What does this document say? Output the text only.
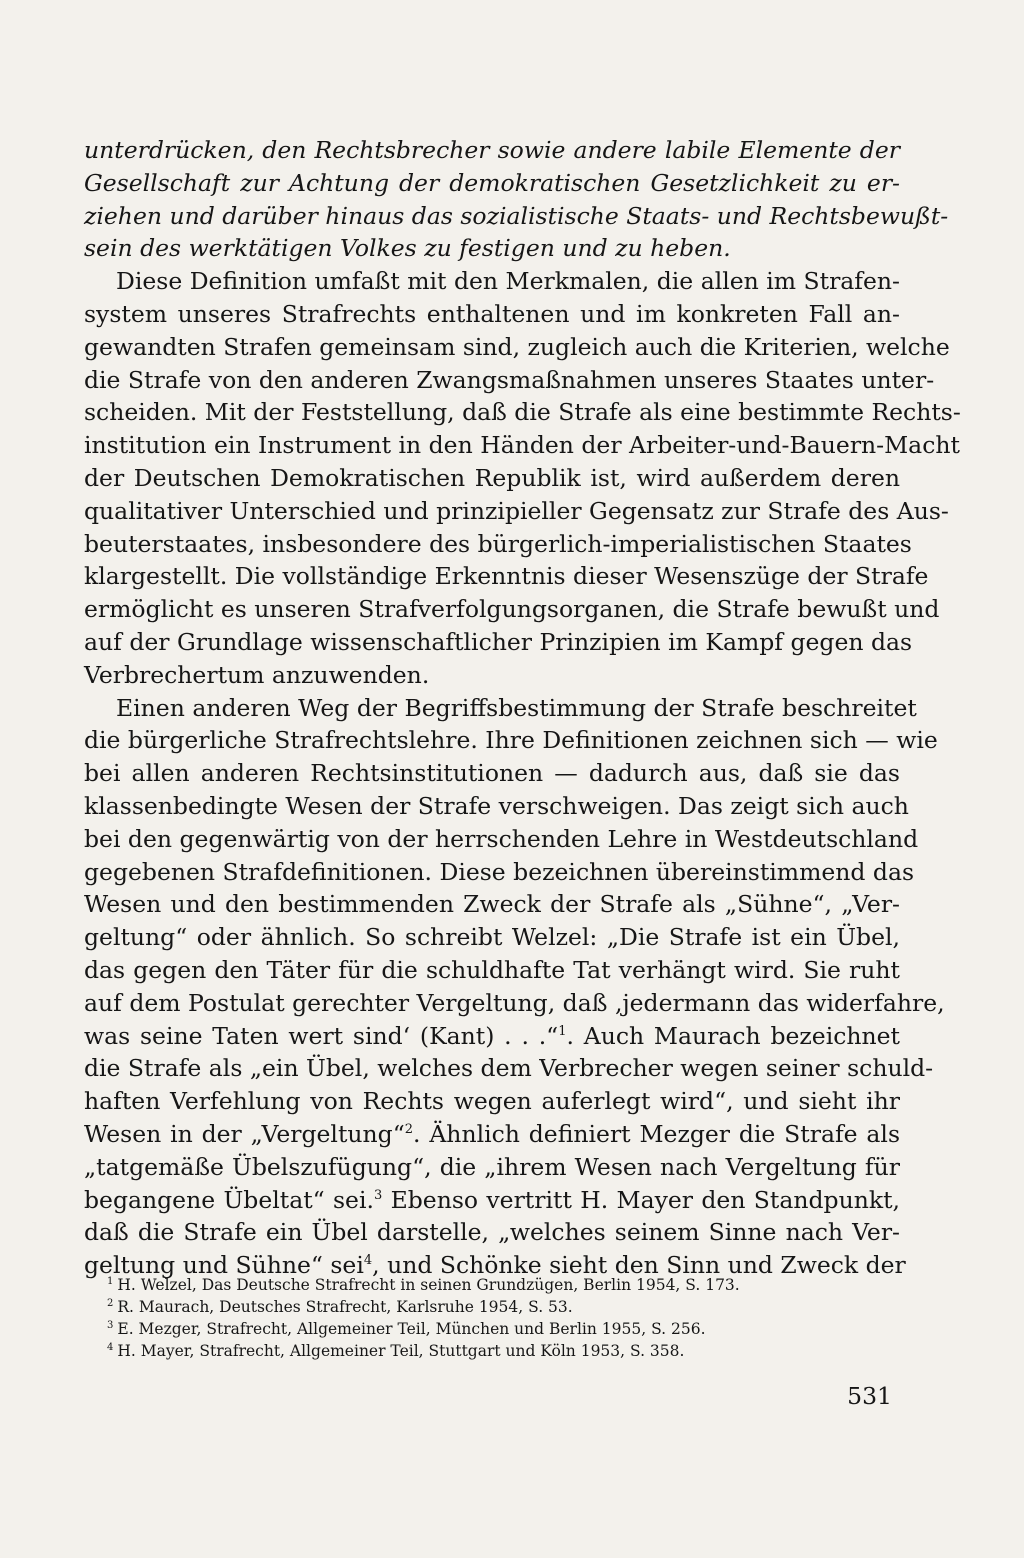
unterdrücken, den Rechtsbrecher sowie andere labile Elemente der
Gesellschaft zur Achtung der demokratischen Gesetzlichkeit zu er-
ziehen und darüber hinaus das sozialistische Staats- und Rechtsbewußt-
sein des werktätigen Volkes zu festigen und zu heben.
Diese Definition umfaßt mit den Merkmalen, die allen im Strafen-
system unseres Strafrechts enthaltenen und im konkreten Fall an-
gewandten Strafen gemeinsam sind, zugleich auch die Kriterien, welche
die Strafe von den anderen Zwangsmaßnahmen unseres Staates unter-
scheiden. Mit der Feststellung, daß die Strafe als eine bestimmte Rechts-
institution ein Instrument in den Händen der Arbeiter-und-Bauern-Macht
der Deutschen Demokratischen Republik ist, wird außerdem deren
qualitativer Unterschied und prinzipieller Gegensatz zur Strafe des Aus-
beuterstaates, insbesondere des bürgerlich-imperialistischen Staates
klargestellt. Die vollständige Erkenntnis dieser Wesenszüge der Strafe
ermöglicht es unseren Strafverfolgungsorganen, die Strafe bewußt und
auf der Grundlage wissenschaftlicher Prinzipien im Kampf gegen das
Verbrechertum anzuwenden.
Einen anderen Weg der Begriffsbestimmung der Strafe beschreitet
die bürgerliche Strafrechtslehre. Ihre Definitionen zeichnen sich — wie
bei allen anderen Rechtsinstitutionen — dadurch aus, daß sie das
klassenbedingte Wesen der Strafe verschweigen. Das zeigt sich auch
bei den gegenwärtig von der herrschenden Lehre in Westdeutschland
gegebenen Strafdefinitionen. Diese bezeichnen übereinstimmend das
Wesen und den bestimmenden Zweck der Strafe als „Sühne“, „Ver-
geltung“ oder ähnlich. So schreibt Welzel: „Die Strafe ist ein Übel,
das gegen den Täter für die schuldhafte Tat verhängt wird. Sie ruht
auf dem Postulat gerechter Vergeltung, daß ‚jedermann das widerfahre,
was seine Taten wert sind‘ (Kant) . . .“$^1$. Auch Maurach bezeichnet
die Strafe als „ein Übel, welches dem Verbrecher wegen seiner schuld-
haften Verfehlung von Rechts wegen auferlegt wird“, und sieht ihr
Wesen in der „Vergeltung“$^2$. Ähnlich definiert Mezger die Strafe als
„tatgemäße Übelszufügung“, die „ihrem Wesen nach Vergeltung für
begangene Übeltat“ sei.$^3$ Ebenso vertritt H. Mayer den Standpunkt,
daß die Strafe ein Übel darstelle, „welches seinem Sinne nach Ver-
geltung und Sühne“ sei$^4$, und Schönke sieht den Sinn und Zweck der
$^1$ H. Welzel, Das Deutsche Strafrecht in seinen Grundzügen, Berlin 1954, S. 173.
$^2$ R. Maurach, Deutsches Strafrecht, Karlsruhe 1954, S. 53.
$^3$ E. Mezger, Strafrecht, Allgemeiner Teil, München und Berlin 1955, S. 256.
$^4$ H. Mayer, Strafrecht, Allgemeiner Teil, Stuttgart und Köln 1953, S. 358.
531
